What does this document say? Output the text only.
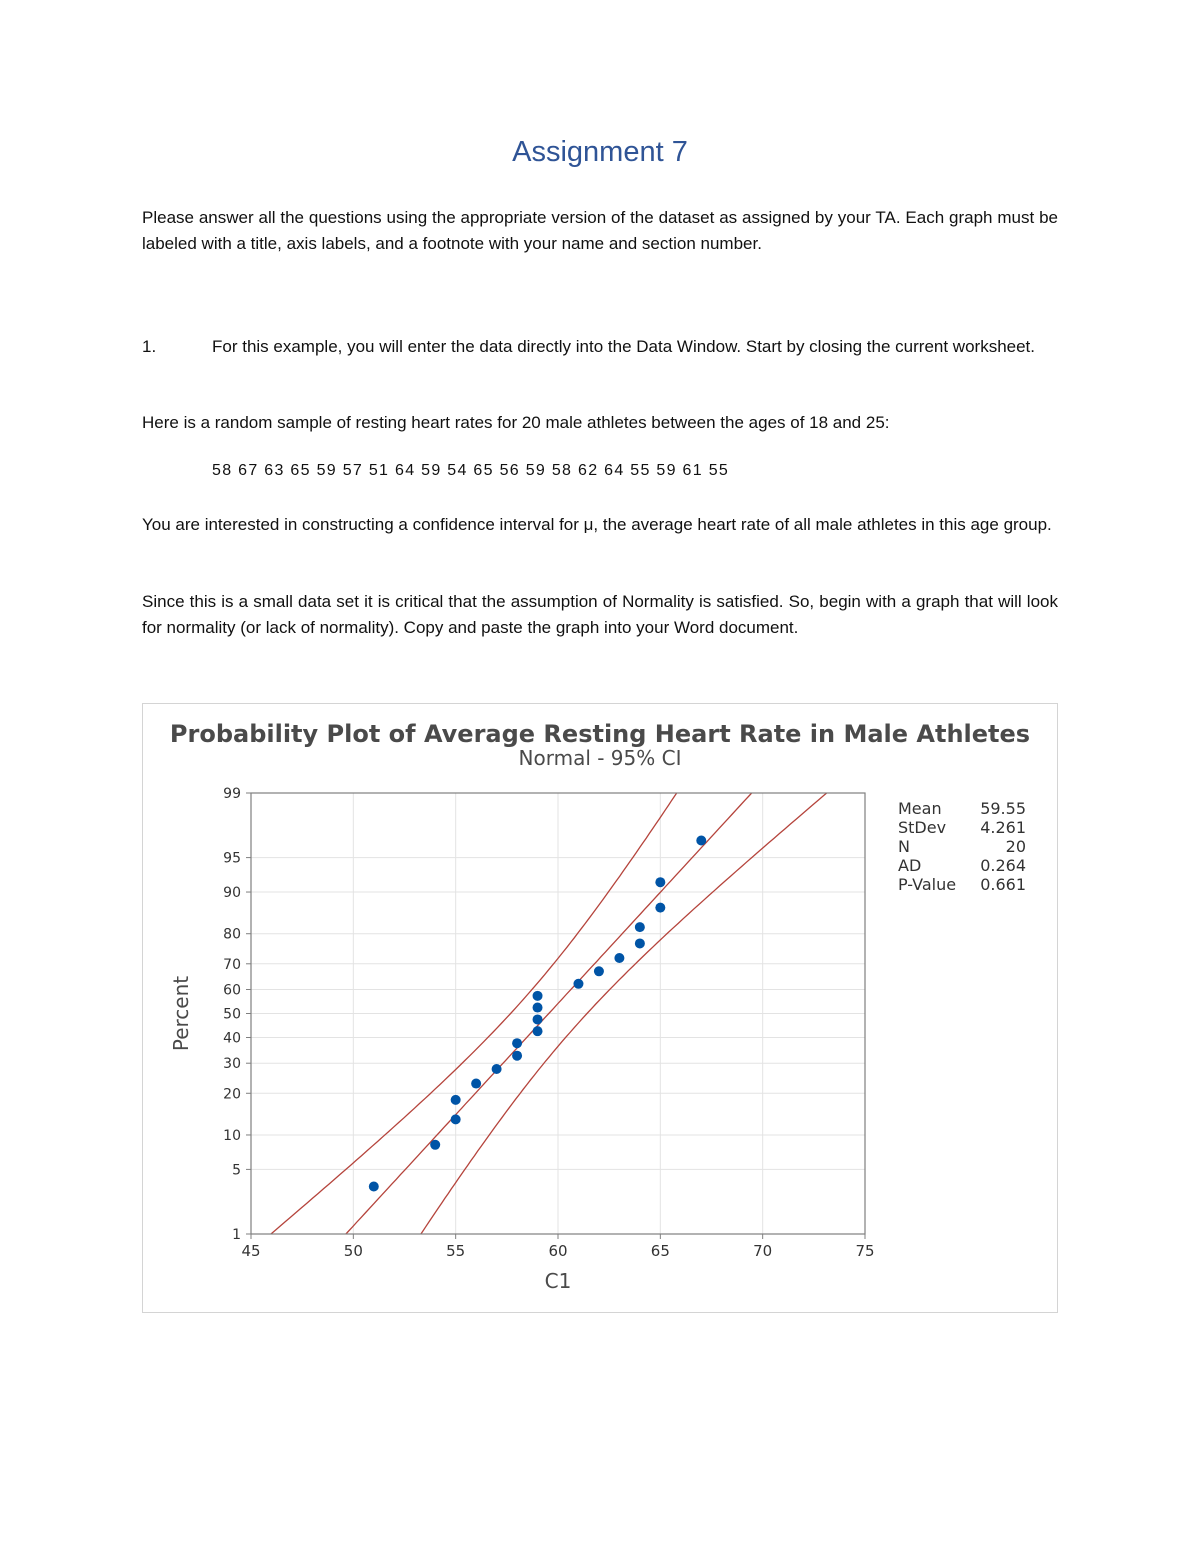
Assignment 7
Please answer all the questions using the appropriate version of the dataset as assigned by your TA. Each graph must be labeled with a title, axis labels, and a footnote with your name and section number.
1.	For this example, you will enter the data directly into the Data Window. Start by closing the current worksheet.
Here is a random sample of resting heart rates for 20 male athletes between the ages of 18 and 25:
58 67 63 65 59 57 51 64 59 54 65 56 59 58 62 64 55 59 61 55
You are interested in constructing a confidence interval for μ, the average heart rate of all male athletes in this age group.
Since this is a small data set it is critical that the assumption of Normality is satisfied. So, begin with a graph that will look for normality (or lack of normality). Copy and paste the graph into your Word document.
Probability Plot of Average Resting Heart Rate in Male Athletes
Normal - 95% CI
45	50	55	60	65	70	75
1
5
10
20
30
40
50
60
70
80
90
95
99
C1
Percent
Mean 59.55
StDev 4.261
N	20
AD	0.264
P-Value 0.661
